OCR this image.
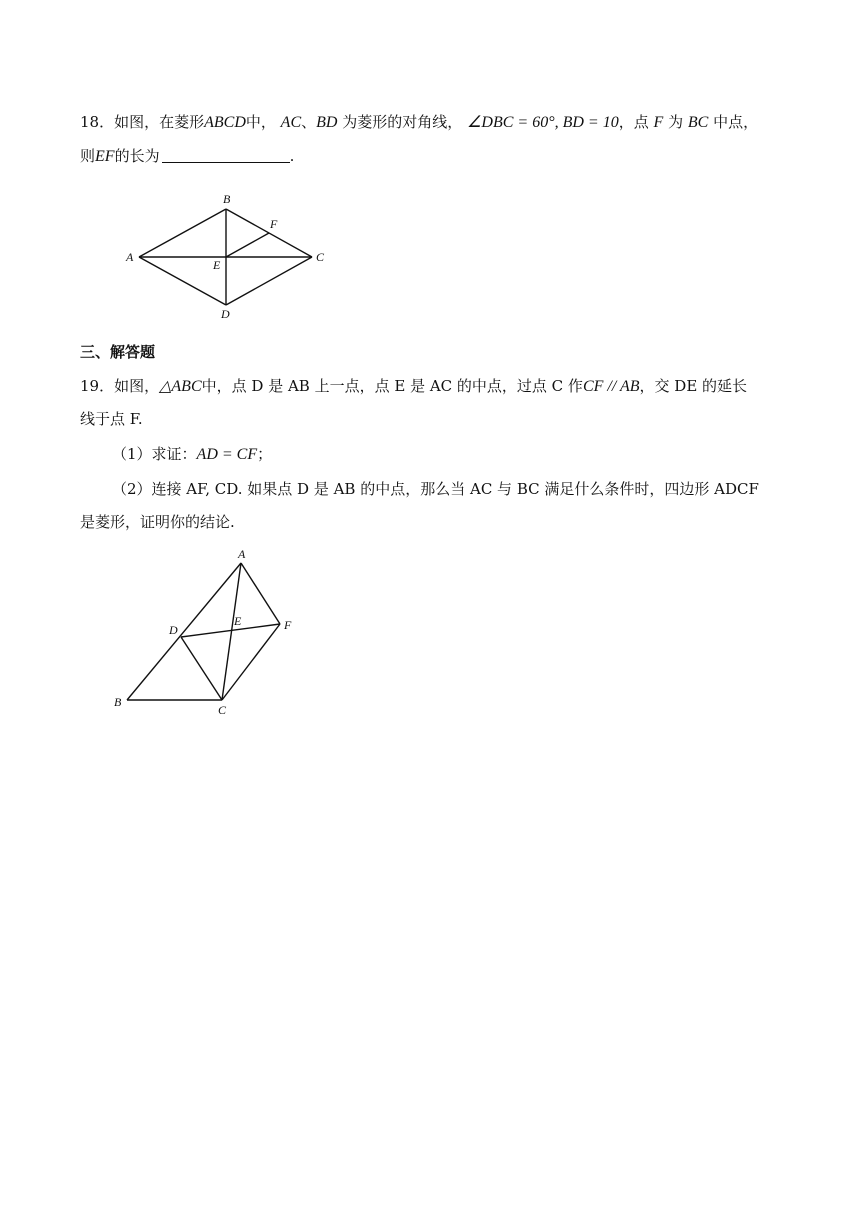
18．如图，在菱形ABCD中， AC、BD 为菱形的对角线， ∠DBC = 60°, BD = 10，点 F 为 BC 中点，
则EF的长为	.
B
F
A
E
C
D
三、解答题
19．如图，△ABC中，点 D 是 AB 上一点，点 E 是 AC 的中点，过点 C 作CF // AB，交 DE 的延长
线于点 F.
（1）求证：AD = CF；
（2）连接 AF, CD. 如果点 D 是 AB 的中点，那么当 AC 与 BC 满足什么条件时，四边形 ADCF
是菱形，证明你的结论.
A
D
E	F
B
C
